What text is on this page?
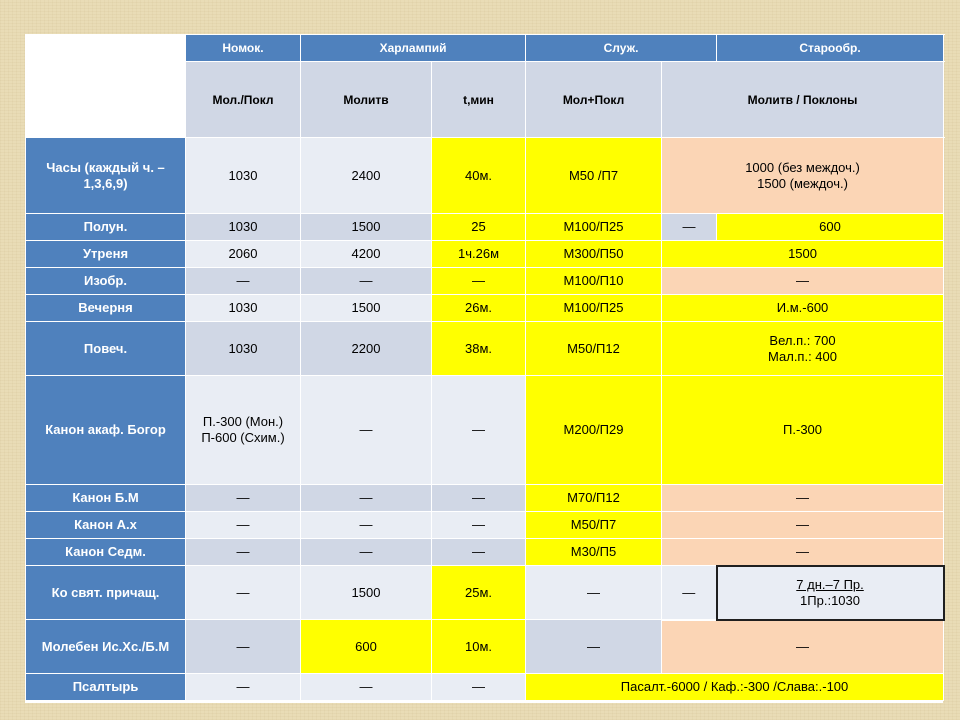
	Номок.	Харлампий		Служ.		Старообр.
	Мол./Покл	Молитв	t,мин	Мол+Покл	Молитв / Поклоны	
Часы (каждый ч. – 1,3,6,9)	1030	2400	40м.	М50 /П7	1000 (без междоч.)
1500 (междоч.)	

Полун.	1030	1500	25	М100/П25	—	600
Утреня	2060	4200	1ч.26м	М300/П50	1500	
Изобр.	—	—	—	М100/П10	—	
Вечерня	1030	1500	26м.	М100/П25	И.м.-600	
Повеч.	1030	2200	38м.	М50/П12	Вел.п.: 700
Мал.п.: 400	

Канон акаф. Богор	П.-300 (Мон.)
П-600 (Схим.)	—	—	М200/П29	П.-300	
Канон Б.М	—	—	—	М70/П12	—	
Канон А.х	—	—	—	М50/П7	—	
Канон Седм.	—	—	—	М30/П5	—	
Ко свят. причащ.	—	1500	25м.	—	—	7 дн.–7 Пр.
1Пр.:1030

Молебен Ис.Хс./Б.М	—	600	10м.	—	—	
Псалтырь	—	—	—	Пасалт.-6000 / Каф.:-300 /Слава:.-100		
